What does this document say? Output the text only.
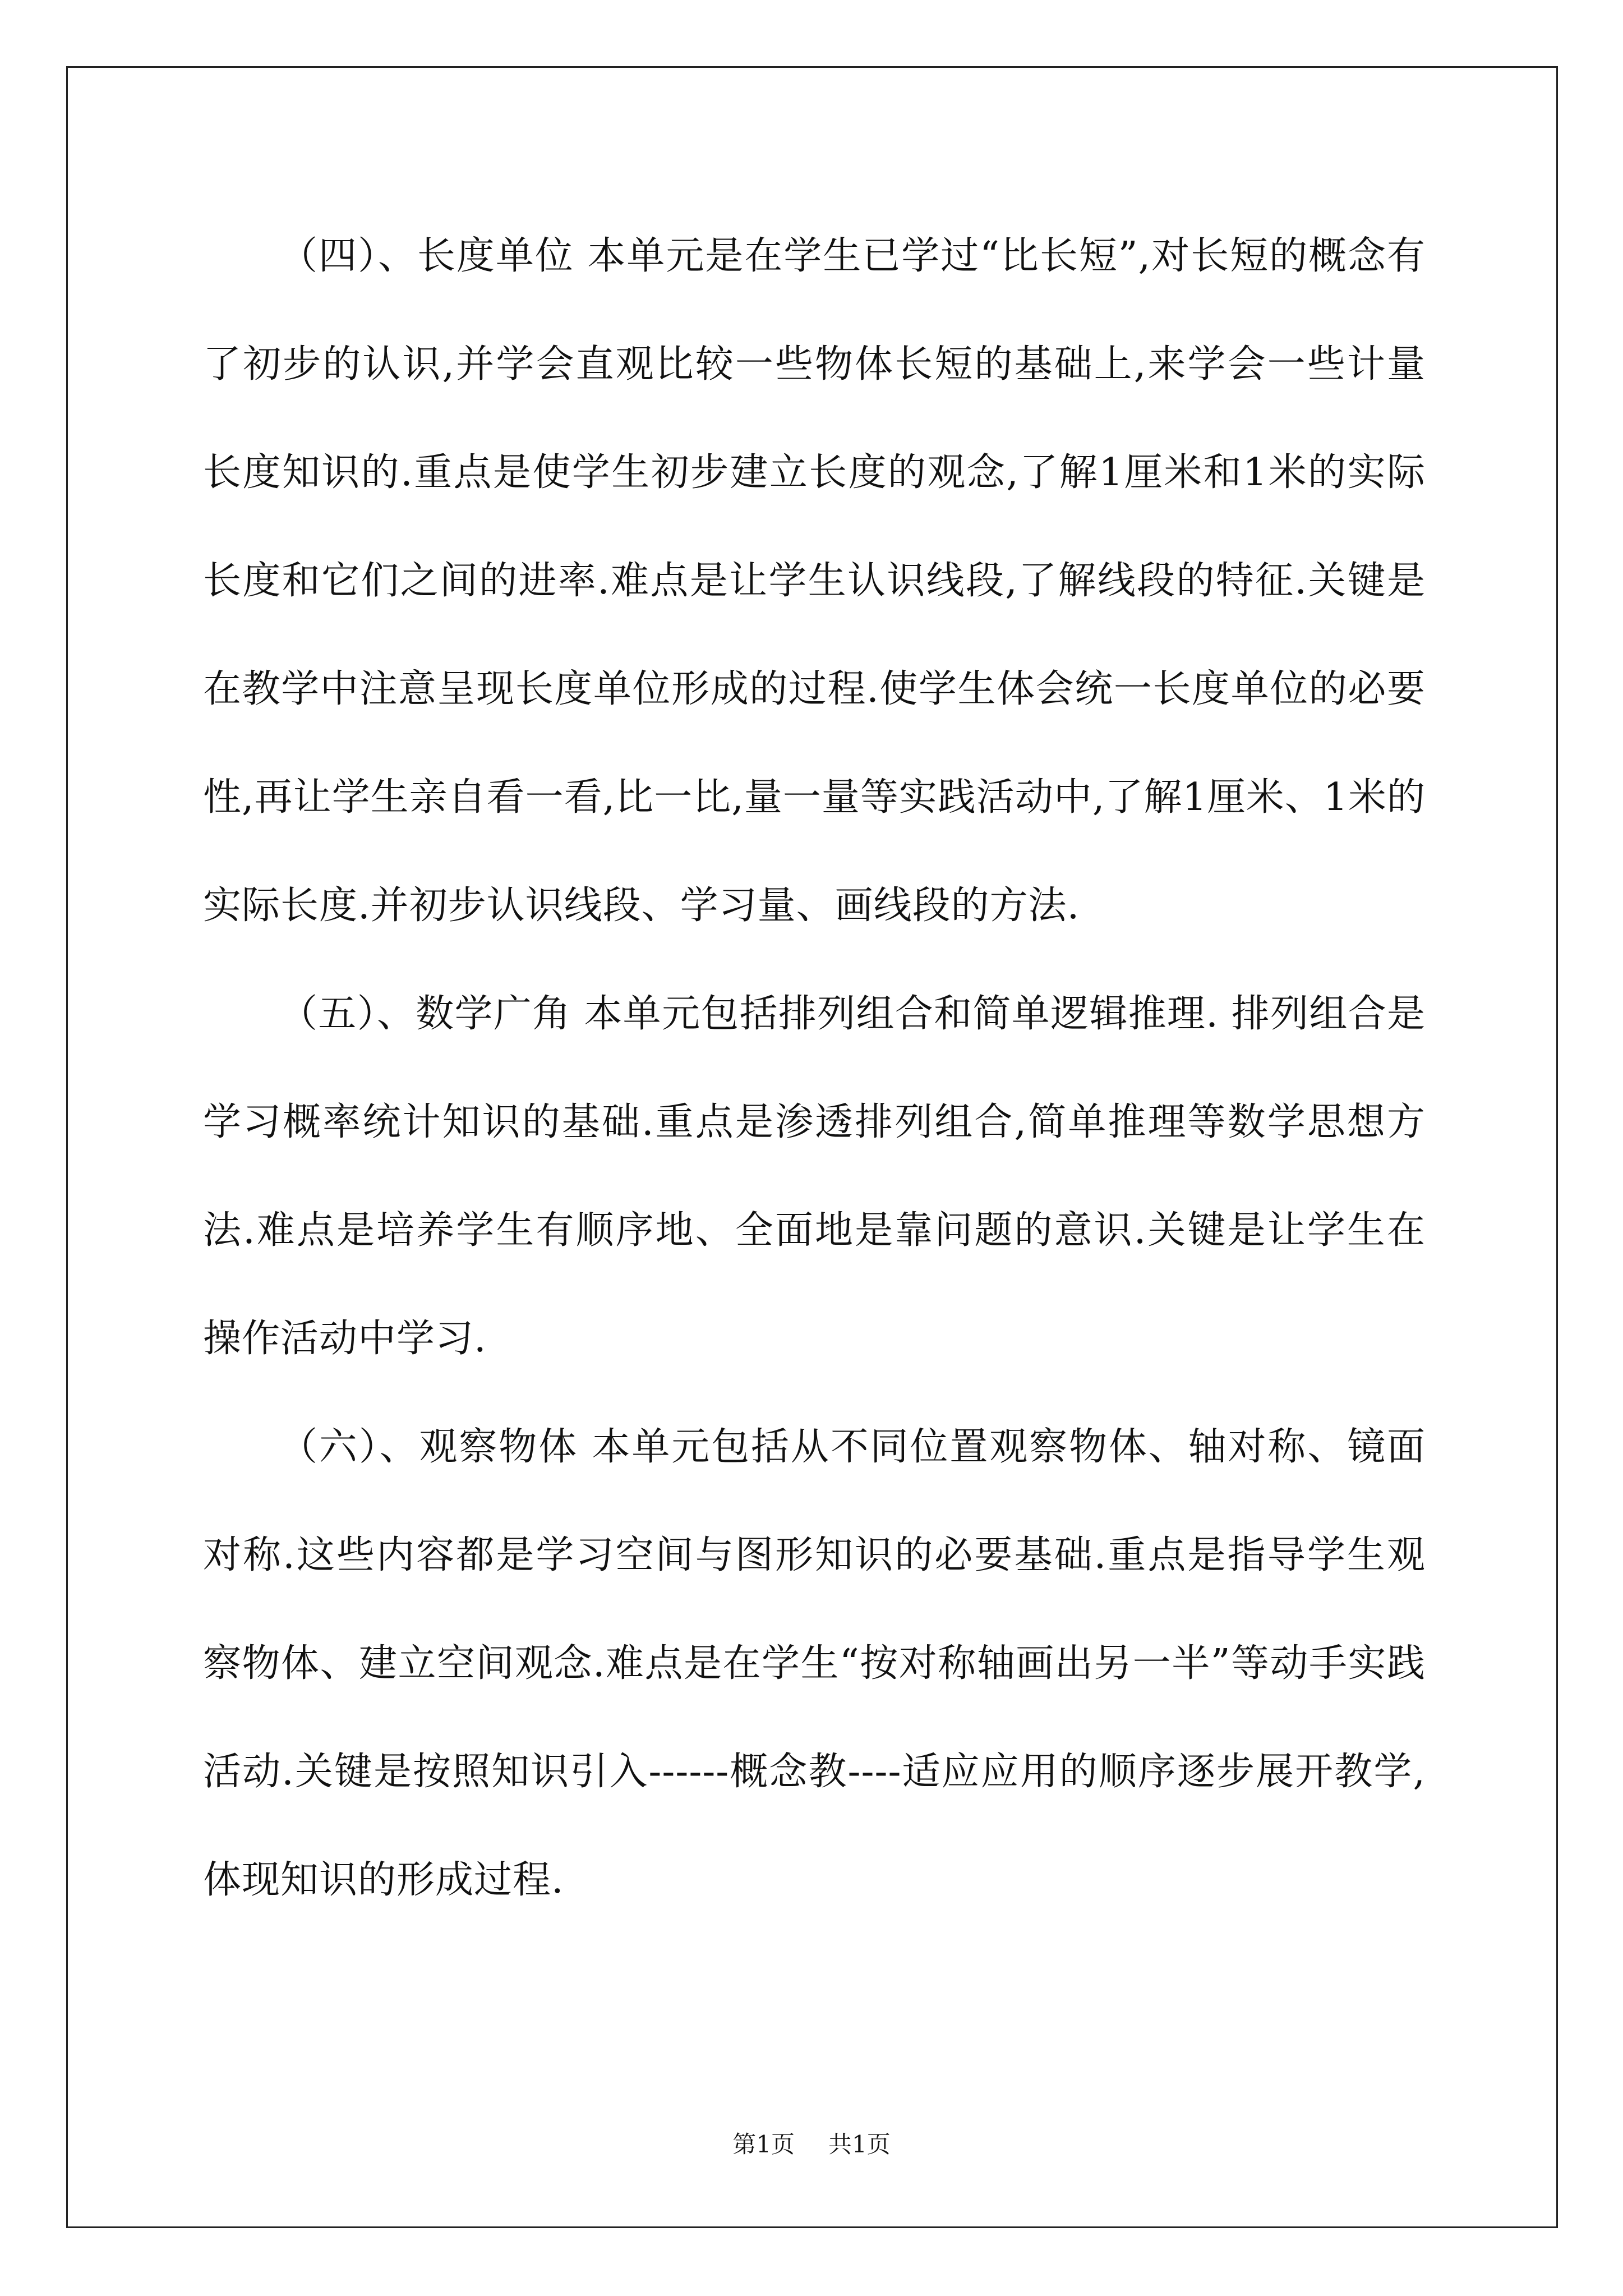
（四）、长度单位 本单元是在学生已学过“比长短”,对长短的概念有了初步的认识,并学会直观比较一些物体长短的基础上,来学会一些计量长度知识的.重点是使学生初步建立长度的观念,了解1厘米和1米的实际长度和它们之间的进率.难点是让学生认识线段,了解线段的特征.关键是在教学中注意呈现长度单位形成的过程.使学生体会统一长度单位的必要性,再让学生亲自看一看,比一比,量一量等实践活动中,了解1厘米、1米的实际长度.并初步认识线段、学习量、画线段的方法.

（五）、数学广角 本单元包括排列组合和简单逻辑推理. 排列组合是学习概率统计知识的基础.重点是渗透排列组合,简单推理等数学思想方法.难点是培养学生有顺序地、全面地是靠问题的意识.关键是让学生在操作活动中学习.

（六）、观察物体 本单元包括从不同位置观察物体、轴对称、镜面对称.这些内容都是学习空间与图形知识的必要基础.重点是指导学生观察物体、建立空间观念.难点是在学生“按对称轴画出另一半”等动手实践活动.关键是按照知识引入------概念教----适应应用的顺序逐步展开教学,体现知识的形成过程.

第1页 共1页
